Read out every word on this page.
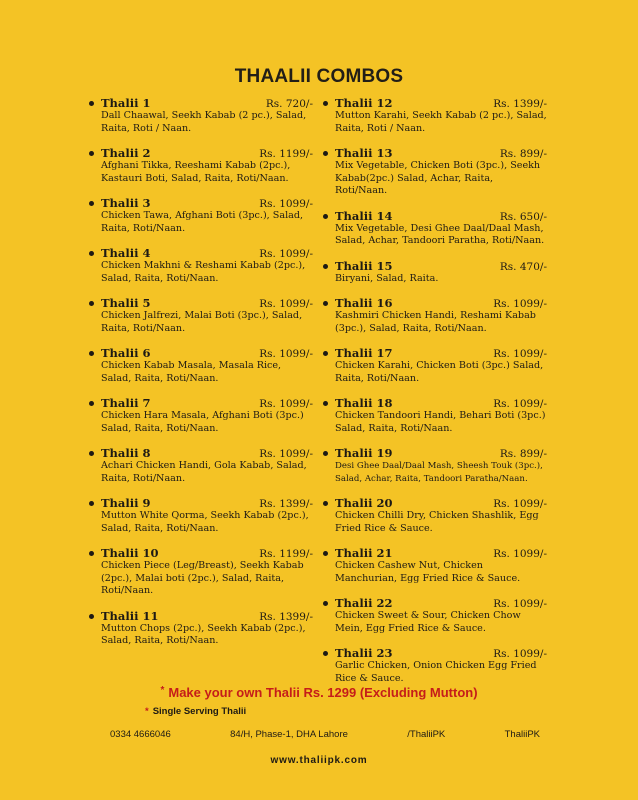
THAALII COMBOS
Thalii 1	Rs. 720/-
Dall Chaawal, Seekh Kabab (2 pc.), Salad, Raita, Roti / Naan.
Thalii 2	Rs. 1199/-
Afghani Tikka, Reeshami Kabab (2pc.), Kastauri Boti, Salad, Raita, Roti/Naan.
Thalii 3	Rs. 1099/-
Chicken Tawa, Afghani Boti (3pc.), Salad, Raita, Roti/Naan.
Thalii 4	Rs. 1099/-
Chicken Makhni & Reshami Kabab (2pc.), Salad, Raita, Roti/Naan.
Thalii 5	Rs. 1099/-
Chicken Jalfrezi, Malai Boti (3pc.), Salad, Raita, Roti/Naan.
Thalii 6	Rs. 1099/-
Chicken Kabab Masala, Masala Rice, Salad, Raita, Roti/Naan.
Thalii 7	Rs. 1099/-
Chicken Hara Masala, Afghani Boti (3pc.) Salad, Raita, Roti/Naan.
Thalii 8	Rs. 1099/-
Achari Chicken Handi, Gola Kabab, Salad, Raita, Roti/Naan.
Thalii 9	Rs. 1399/-
Mutton White Qorma, Seekh Kabab (2pc.), Salad, Raita, Roti/Naan.
Thalii 10	Rs. 1199/-
Chicken Piece (Leg/Breast), Seekh Kabab (2pc.), Malai boti (2pc.), Salad, Raita, Roti/Naan.
Thalii 11	Rs. 1399/-
Mutton Chops (2pc.), Seekh Kabab (2pc.), Salad, Raita, Roti/Naan.
Thalii 12	Rs. 1399/-
Mutton Karahi, Seekh Kabab (2 pc.), Salad, Raita, Roti / Naan.
Thalii 13	Rs. 899/-
Mix Vegetable, Chicken Boti (3pc.), Seekh Kabab(2pc.) Salad, Achar, Raita, Roti/Naan.
Thalii 14	Rs. 650/-
Mix Vegetable, Desi Ghee Daal/Daal Mash, Salad, Achar, Tandoori Paratha, Roti/Naan.
Thalii 15	Rs. 470/-
Biryani, Salad, Raita.
Thalii 16	Rs. 1099/-
Kashmiri Chicken Handi, Reshami Kabab (3pc.), Salad, Raita, Roti/Naan.
Thalii 17	Rs. 1099/-
Chicken Karahi, Chicken Boti (3pc.) Salad, Raita, Roti/Naan.
Thalii 18	Rs. 1099/-
Chicken Tandoori Handi, Behari Boti (3pc.) Salad, Raita, Roti/Naan.
Thalii 19	Rs. 899/-
Desi Ghee Daal/Daal Mash, Sheesh Touk (3pc.), Salad, Achar, Raita, Tandoori Paratha/Naan.
Thalii 20	Rs. 1099/-
Chicken Chilli Dry, Chicken Shashlik, Egg Fried Rice & Sauce.
Thalii 21	Rs. 1099/-
Chicken Cashew Nut, Chicken Manchurian, Egg Fried Rice & Sauce.
Thalii 22	Rs. 1099/-
Chicken Sweet & Sour, Chicken Chow Mein, Egg Fried Rice & Sauce.
Thalii 23	Rs. 1099/-
Garlic Chicken, Onion Chicken Egg Fried Rice & Sauce.
* Make your own Thalii Rs. 1299 (Excluding Mutton)
* Single Serving Thalii
0334 4666046	84/H, Phase-1, DHA Lahore	/ThaliiPK	ThaliiPK
www.thaliipk.com
